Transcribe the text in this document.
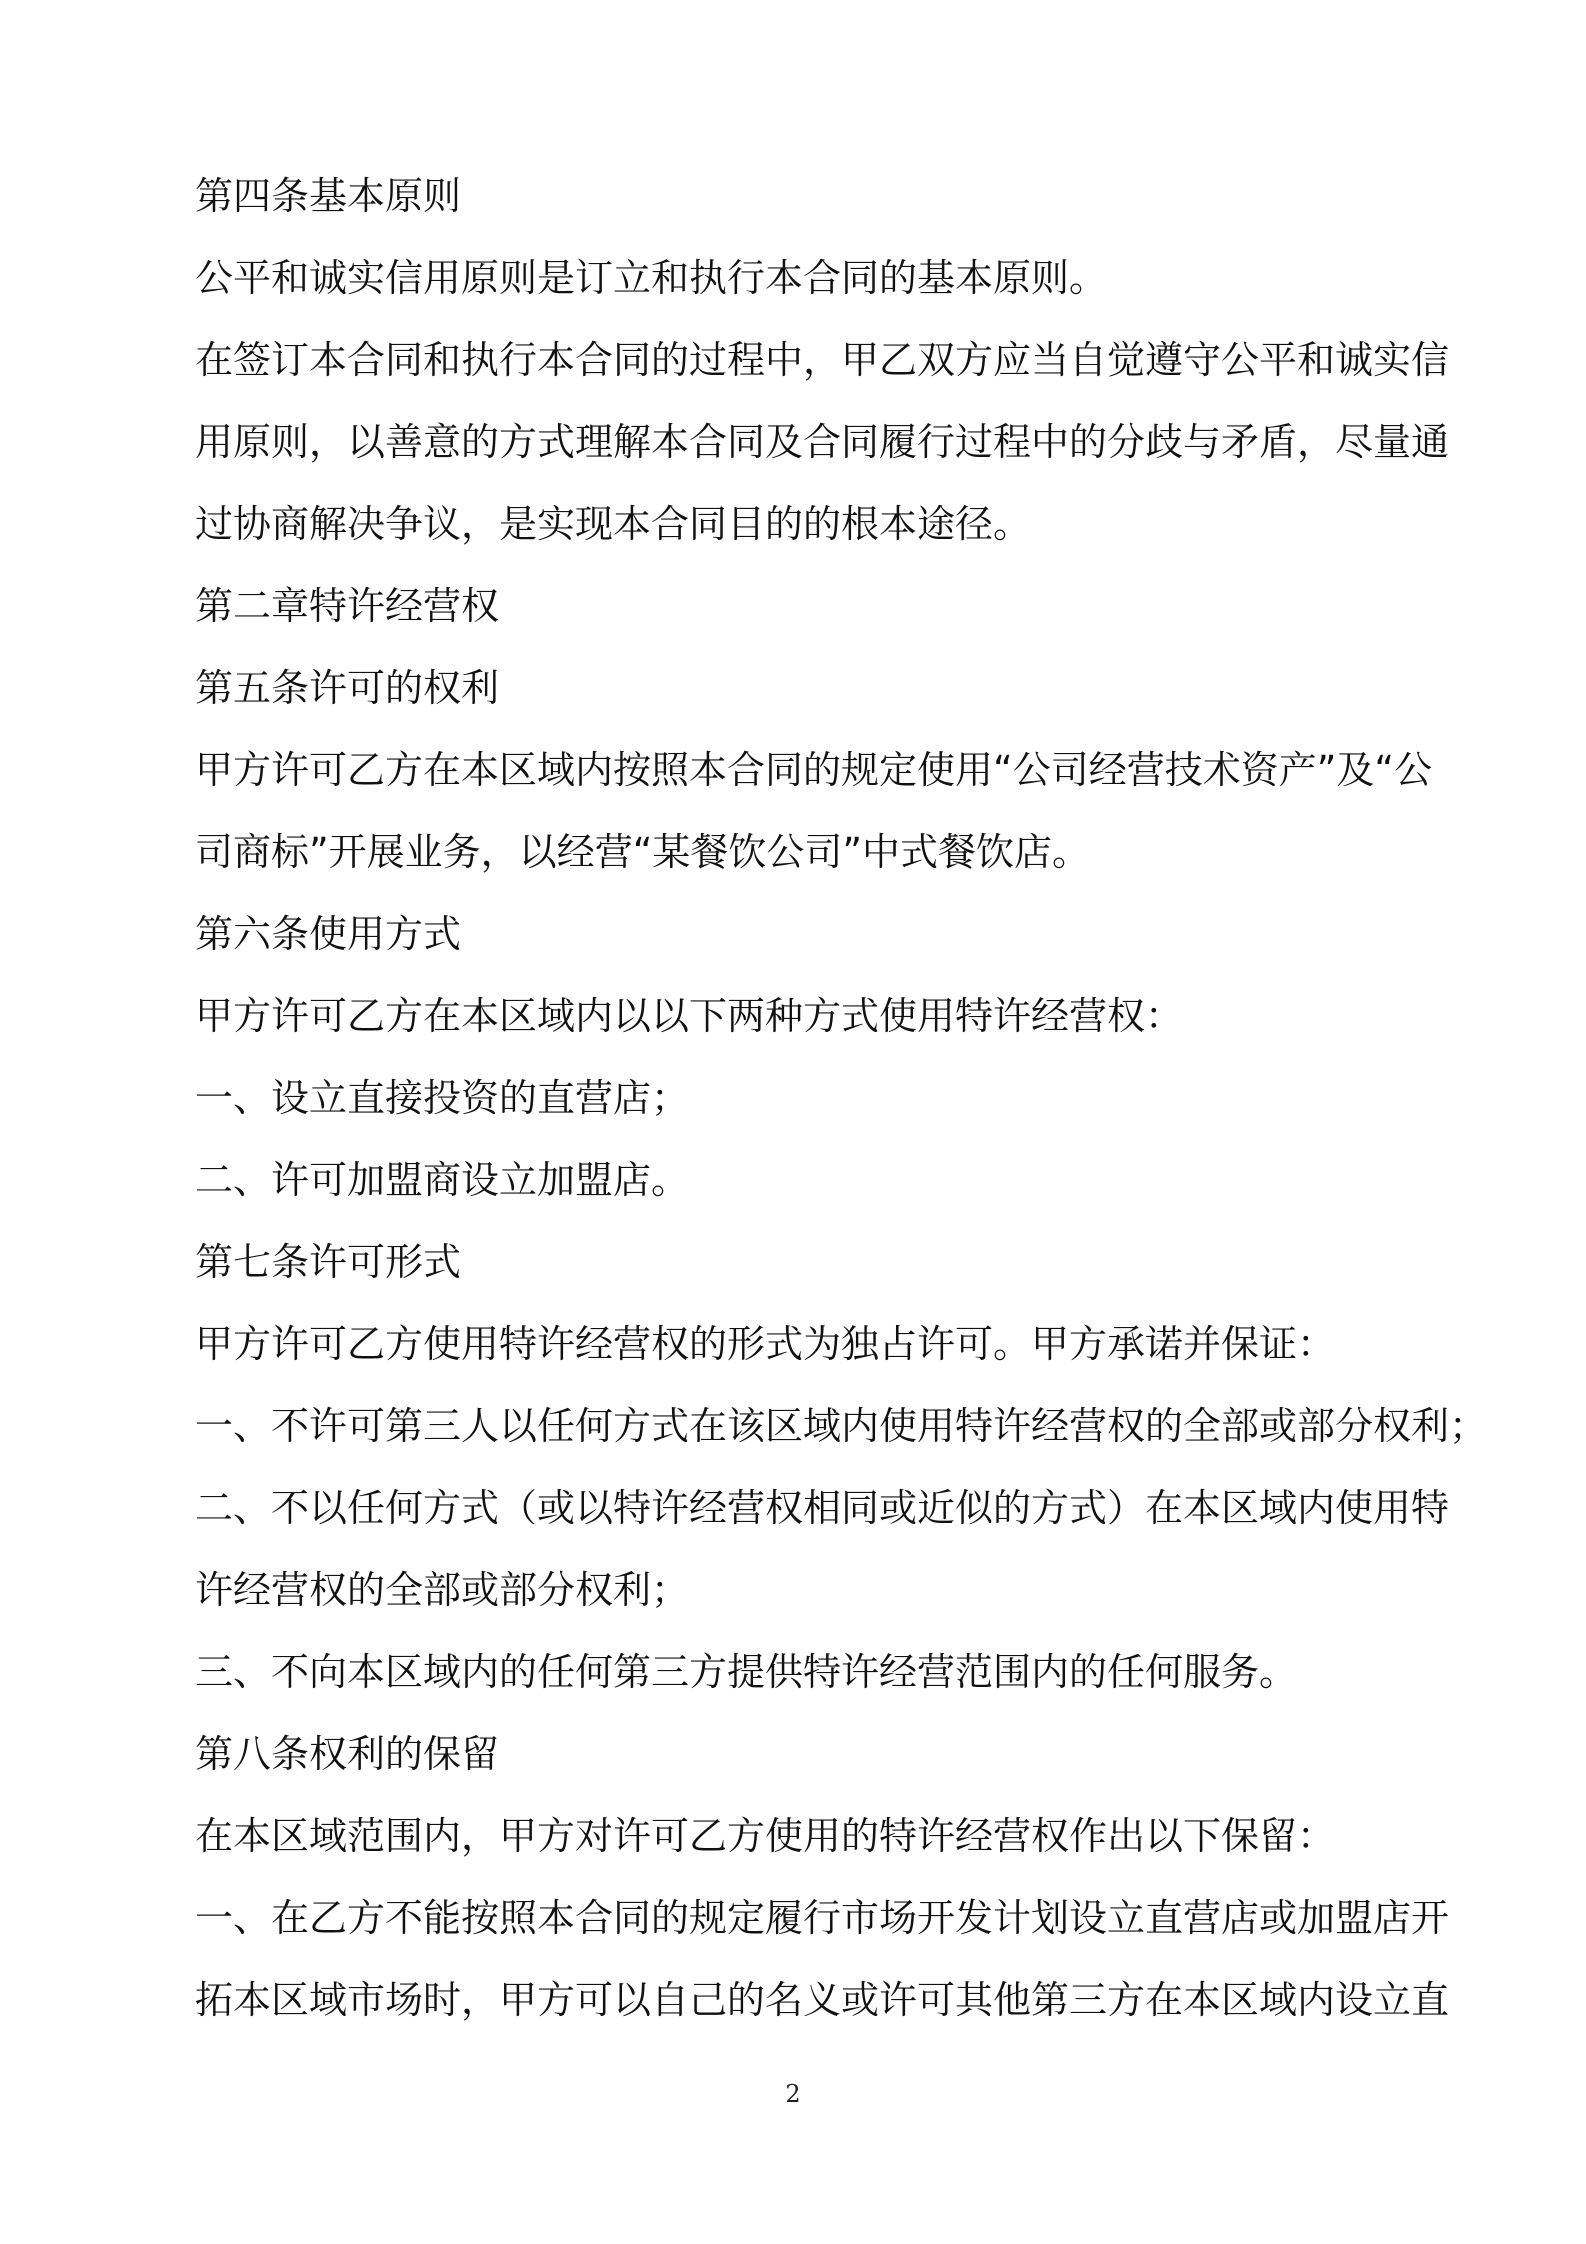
第四条基本原则
公平和诚实信用原则是订立和执行本合同的基本原则。
在签订本合同和执行本合同的过程中，甲乙双方应当自觉遵守公平和诚实信
用原则，以善意的方式理解本合同及合同履行过程中的分歧与矛盾，尽量通
过协商解决争议，是实现本合同目的的根本途径。
第二章特许经营权
第五条许可的权利
甲方许可乙方在本区域内按照本合同的规定使用“公司经营技术资产”及“公
司商标”开展业务，以经营“某餐饮公司”中式餐饮店。
第六条使用方式
甲方许可乙方在本区域内以以下两种方式使用特许经营权：
一、设立直接投资的直营店；
二、许可加盟商设立加盟店。
第七条许可形式
甲方许可乙方使用特许经营权的形式为独占许可。甲方承诺并保证：
一、不许可第三人以任何方式在该区域内使用特许经营权的全部或部分权利；
二、不以任何方式（或以特许经营权相同或近似的方式）在本区域内使用特
许经营权的全部或部分权利；
三、不向本区域内的任何第三方提供特许经营范围内的任何服务。
第八条权利的保留
在本区域范围内，甲方对许可乙方使用的特许经营权作出以下保留：
一、在乙方不能按照本合同的规定履行市场开发计划设立直营店或加盟店开
拓本区域市场时，甲方可以自己的名义或许可其他第三方在本区域内设立直
2
